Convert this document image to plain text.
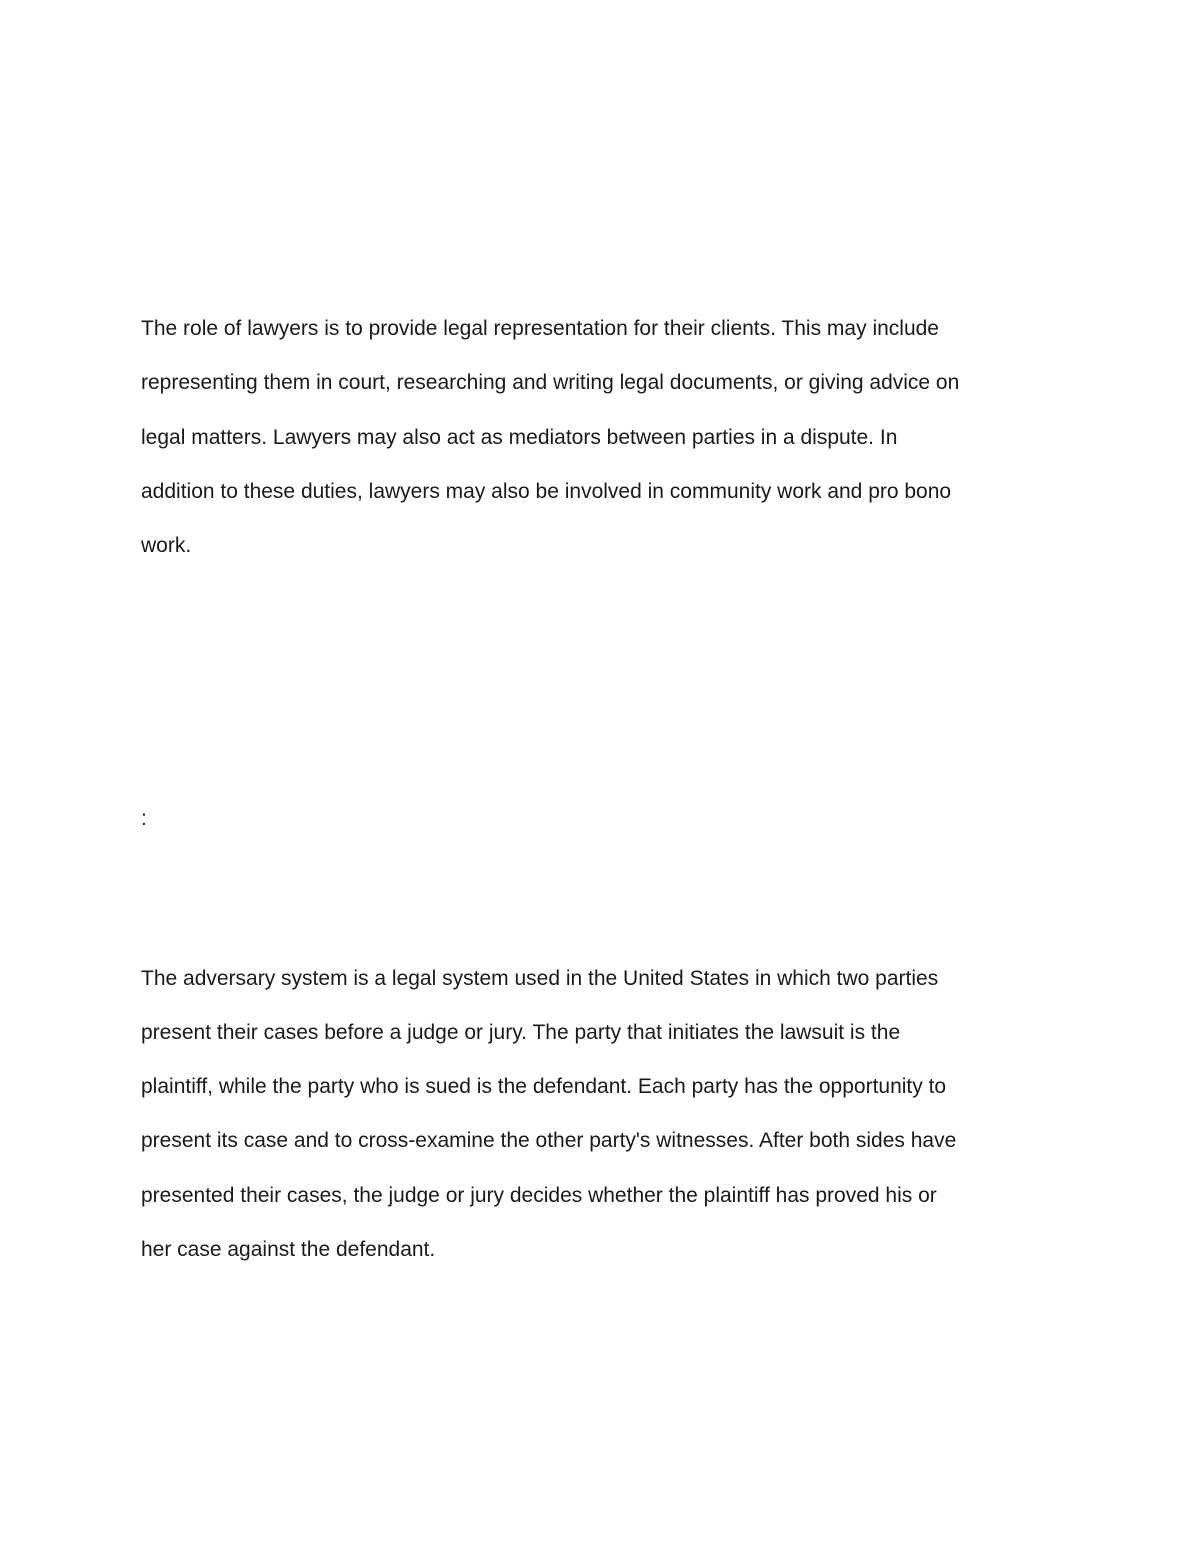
The role of lawyers is to provide legal representation for their clients. This may include
representing them in court, researching and writing legal documents, or giving advice on
legal matters. Lawyers may also act as mediators between parties in a dispute. In
addition to these duties, lawyers may also be involved in community work and pro bono
work.
:
The adversary system is a legal system used in the United States in which two parties
present their cases before a judge or jury. The party that initiates the lawsuit is the
plaintiff, while the party who is sued is the defendant. Each party has the opportunity to
present its case and to cross-examine the other party's witnesses. After both sides have
presented their cases, the judge or jury decides whether the plaintiff has proved his or
her case against the defendant.
